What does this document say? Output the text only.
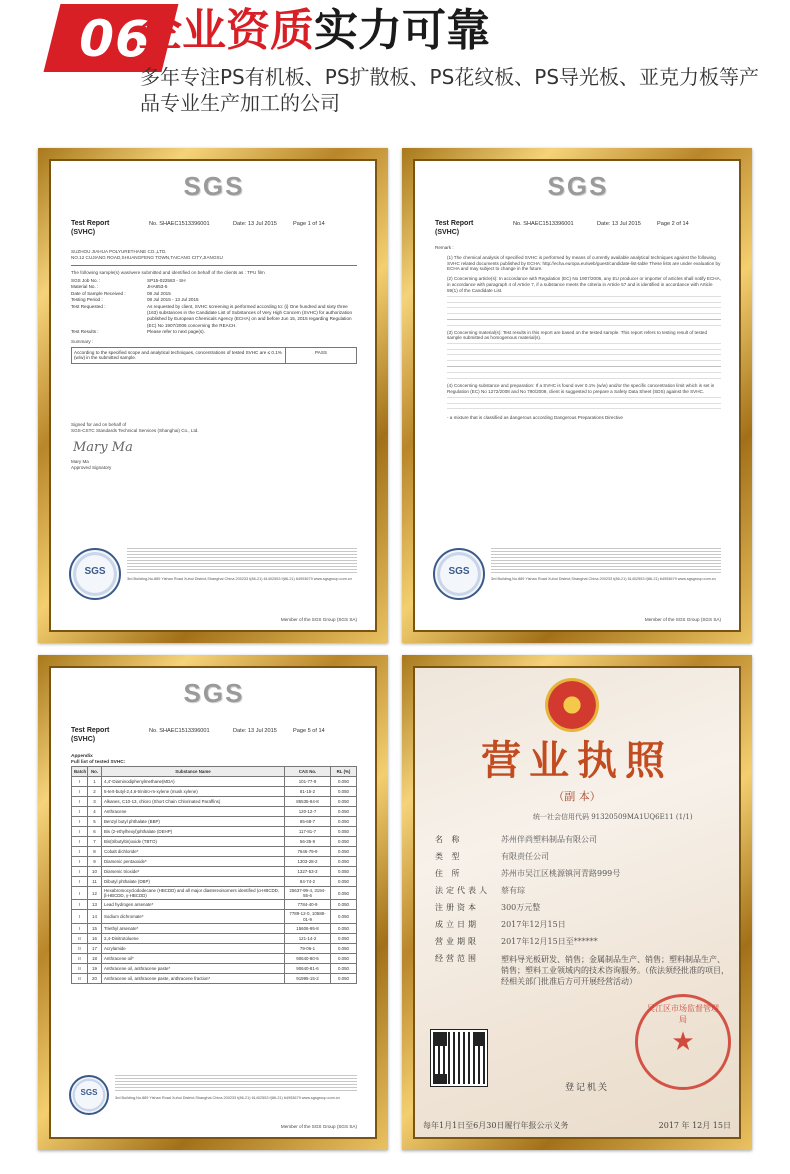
06
企业资质实力可靠
多年专注PS有机板、PS扩散板、PS花纹板、PS导光板、亚克力板等产品专业生产加工的公司
SGS
Test Report
(SVHC)
No. SHAEC1513396001	Date: 13 Jul 2015	Page 1 of 14
SUZHOU JIAHUA POLYURETHANE CO.,LTD.
NO.12 CUJIANG ROAD,SHUANGFENG TOWN,TAICANG CITY,JIANGSU
The following sample(s) was/were submitted and identified on behalf of the clients as : TPU film
SGS Job No. :	SP15-022583 - SH
Material No. :	JHA853-5
Date of Sample Received :	08 Jul 2015
Testing Period :	08 Jul 2015 - 13 Jul 2015
Test Requested :	As requested by client, SVHC screening is performed according to: (i) One hundred and sixty three (163) substances in the Candidate List of Substances of Very High Concern (SVHC) for authorization published by European Chemicals Agency (ECHA) on and before Jun 15, 2015 regarding Regulation (EC) No 1907/2006 concerning the REACH.
Test Results :	Please refer to next page(s).
Summary :
According to the specified scope and analytical techniques, concentrations of tested SVHC are ≤ 0.1% (w/w) in the submitted sample.
PASS
Signed for and on behalf of
SGS-CSTC Standards Technical Services (Shanghai) Co., Ltd.
Mary Ma
Mary Ma
Approved Signatory
SGS
3rd Building,No.889 Yishan Road Xuhui District,Shanghai China 200233 t(86-21) 61402553 f(86-21) 64953679 www.sgsgroup.com.cn
Member of the SGS Group (SGS SA)
SGS
Test Report
(SVHC)
No. SHAEC1513396001	Date: 13 Jul 2015	Page 2 of 14
Remark :
(1) The chemical analysis of specified SVHC is performed by means of currently available analytical techniques against the following SVHC related documents published by ECHA: http://echa.europa.eu/web/guest/candidate-list-table These lists are under evaluation by ECHA and may subject to change in the future.
(2) Concerning article(s): In accordance with Regulation (EC) No 1907/2006, any EU producer or importer of articles shall notify ECHA, in accordance with paragraph 4 of Article 7, if a substance meets the criteria in Article 57 and is identified in accordance with Article 59(1) of the Candidate List.
(3) Concerning material(s): Test results in this report are based on the tested sample. This report refers to testing result of tested sample submitted as homogenous material(s).
(4) Concerning substance and preparation: If a SVHC is found over 0.1% (w/w) and/or the specific concentration limit which is set in Regulation (EC) No 1272/2008 and No 790/2009, client is suggested to prepare a Safety Data Sheet (SDS) against the SVHC.
- a mixture that is classified as dangerous according Dangerous Preparations Directive
SGS
3rd Building,No.889 Yishan Road Xuhui District,Shanghai China 200233 t(86-21) 61402553 f(86-21) 64953679 www.sgsgroup.com.cn
Member of the SGS Group (SGS SA)
SGS
Test Report
(SVHC)
No. SHAEC1513396001	Date: 13 Jul 2015	Page 5 of 14
Appendix
Full list of tested SVHC:
Batch	No.	Substance Name	CAS No.	RL (%)
I	1	4,4'-Diaminodiphenylmethane(MDA)	101-77-9	0.050
I	2	5-tert-butyl-2,4,6-trinitro-m-xylene (musk xylene)	81-15-2	0.050
I	3	Alkanes, C10-13, chloro (Short Chain Chlorinated Paraffins)	85535-84-8	0.050
I	4	Anthracene	120-12-7	0.050
I	5	Benzyl butyl phthalate (BBP)	85-68-7	0.050
I	6	Bis (2-ethylhexyl)phthalate (DEHP)	117-81-7	0.050
I	7	Bis(tributyltin)oxide (TBTO)	56-35-9	0.050
I	8	Cobalt dichloride*	7646-79-9	0.050
I	9	Diarsenic pentaoxide*	1303-28-2	0.050
I	10	Diarsenic trioxide*	1327-53-3	0.050
I	11	Dibutyl phthalate (DBP)	84-74-2	0.050
I	12	Hexabromocyclododecane (HBCDD) and all major diastereoisomers identified (α-HBCDD, β-HBCDD, γ-HBCDD)	25637-99-4, 3194-55-6	0.050
I	13	Lead hydrogen arsenate*	7784-40-9	0.050
I	14	Sodium dichromate*	7789-12-0, 10588-01-9	0.050
I	15	Triethyl arsenate*	15606-95-8	0.050
II	16	2,4-Dinitrotoluene	121-14-2	0.050
II	17	Acrylamide	79-06-1	0.050
II	18	Anthracene oil*	90640-80-5	0.050
II	19	Anthracene oil, anthracene paste*	90640-81-6	0.050
II	20	Anthracene oil, anthracene paste, anthracene fraction*	91995-15-2	0.050
SGS
3rd Building,No.889 Yishan Road Xuhui District,Shanghai China 200233 t(86-21) 61402553 f(86-21) 64953679 www.sgsgroup.com.cn
Member of the SGS Group (SGS SA)
营业执照
（副 本）
统一社会信用代码 91320509MA1UQ6E11 (1/1)
名 称	苏州伴尚塑料制品有限公司
类 型	有限责任公司
住 所	苏州市吴江区桃源镇河青路999号
法定代表人	蔡有琮
注册资本	300万元整
成立日期	2017年12月15日
营业期限	2017年12月15日至******
经营范围	塑料导光板研发、销售；金属制品生产、销售；塑料制品生产、销售；塑料工业领域内的技术咨询服务。（依法须经批准的项目，经相关部门批准后方可开展经营活动）
吴江区市场监督管理局
★
登记机关
每年1月1日至6月30日履行年报公示义务	2017 年 12月 15日
